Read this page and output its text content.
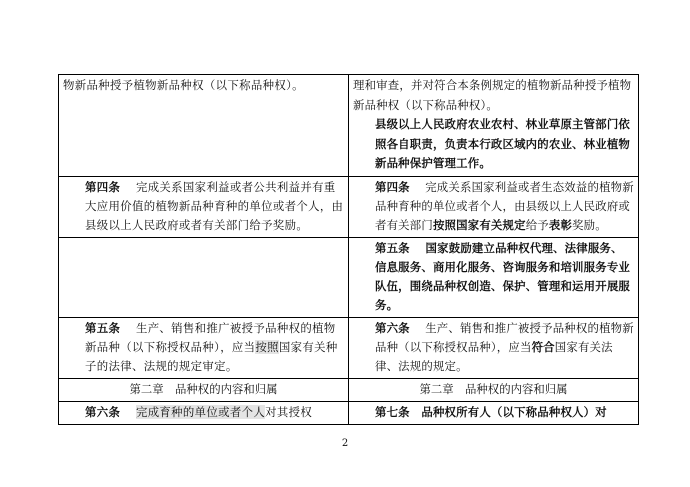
物新品种授予植物新品种权（以下称品种权）。	理和审查，并对符合本条例规定的植物新品种授予植物新品种权（以下称品种权）。
县级以上人民政府农业农村、林业草原主管部门依照各自职责，负责本行政区域内的农业、林业植物新品种保护管理工作。

第四条　 完成关系国家利益或者公共利益并有重大应用价值的植物新品种育种的单位或者个人，由县级以上人民政府或者有关部门给予奖励。	第四条　 完成关系国家利益或者生态效益的植物新品种育种的单位或者个人，由县级以上人民政府或者有关部门按照国家有关规定给予表彰奖励。

	第五条　 国家鼓励建立品种权代理、法律服务、信息服务、商用化服务、咨询服务和培训服务专业队伍，围绕品种权创造、保护、管理和运用开展服务。

第五条　 生产、销售和推广被授予品种权的植物新品种（以下称授权品种），应当按照国家有关种子的法律、法规的规定审定。	第六条　 生产、销售和推广被授予品种权的植物新品种（以下称授权品种），应当符合国家有关法律、法规的规定。

第二章　品种权的内容和归属	第二章　品种权的内容和归属

第六条　 完成育种的单位或者个人对其授权	第七条　品种权所有人（以下称品种权人）对
2
